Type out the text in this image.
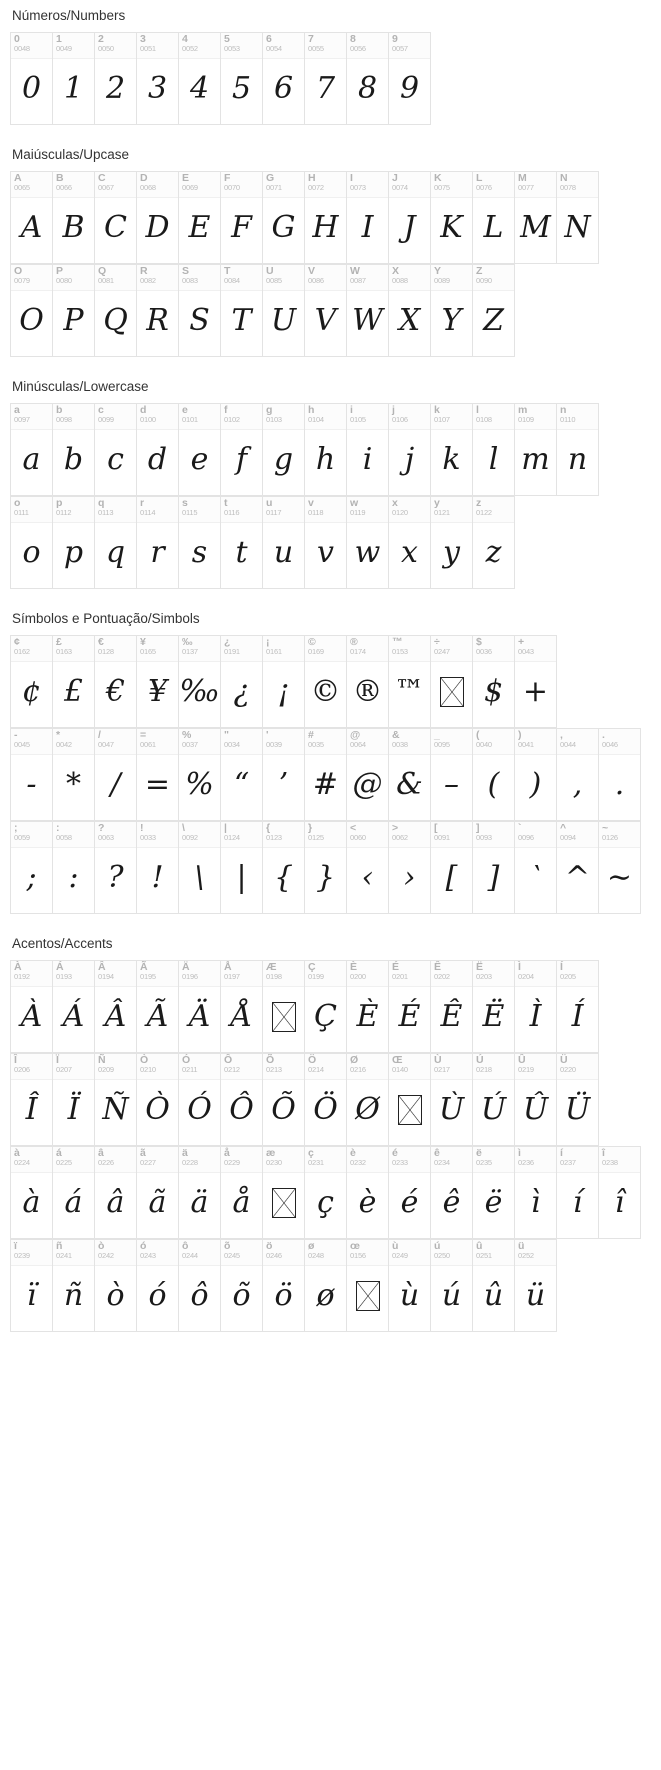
Números/Numbers
0
0048
0
1
0049
1
2
0050
2
3
0051
3
4
0052
4
5
0053
5
6
0054
6
7
0055
7
8
0056
8
9
0057
9
Maiúsculas/Upcase
A
0065
A
B
0066
B
C
0067
C
D
0068
D
E
0069
E
F
0070
F
G
0071
G
H
0072
H
I
0073
I
J
0074
J
K
0075
K
L
0076
L
M
0077
M
N
0078
N
O
0079
O
P
0080
P
Q
0081
Q
R
0082
R
S
0083
S
T
0084
T
U
0085
U
V
0086
V
W
0087
W
X
0088
X
Y
0089
Y
Z
0090
Z
Minúsculas/Lowercase
a
0097
a
b
0098
b
c
0099
c
d
0100
d
e
0101
e
f
0102
f
g
0103
g
h
0104
h
i
0105
i
j
0106
j
k
0107
k
l
0108
l
m
0109
m
n
0110
n
o
0111
o
p
0112
p
q
0113
q
r
0114
r
s
0115
s
t
0116
t
u
0117
u
v
0118
v
w
0119
w
x
0120
x
y
0121
y
z
0122
z
Símbolos e Pontuação/Simbols
¢
0162
¢
£
0163
£
€
0128
€
¥
0165
¥
‰
0137
‰
¿
0191
¿
¡
0161
¡
©
0169
©
®
0174
®
™
0153
™
÷
0247
$
0036
$
+
0043
+
-
0045
-
*
0042
*
/
0047
/
=
0061
=
%
0037
%
"
0034
“
'
0039
’
#
0035
#
@
0064
@
&
0038
&
_
0095
–
(
0040
(
)
0041
)
,
0044
,
.
0046
.
;
0059
;
:
0058
:
?
0063
?
!
0033
!
\
0092
\
|
0124
|
{
0123
{
}
0125
}
<
0060
‹
>
0062
›
[
0091
[
]
0093
]
`
0096
‵
^
0094
^
~
0126
∼
Acentos/Accents
À
0192
À
Á
0193
Á
Â
0194
Â
Ã
0195
Ã
Ä
0196
Ä
Å
0197
Å
Æ
0198
Ç
0199
Ç
È
0200
È
É
0201
É
Ê
0202
Ê
Ë
0203
Ë
Ì
0204
Ì
Í
0205
Í
Î
0206
Î
Ï
0207
Ï
Ñ
0209
Ñ
Ò
0210
Ò
Ó
0211
Ó
Ô
0212
Ô
Õ
0213
Õ
Ö
0214
Ö
Ø
0216
Ø
Œ
0140
Ù
0217
Ù
Ú
0218
Ú
Û
0219
Û
Ü
0220
Ü
à
0224
à
á
0225
á
â
0226
â
ã
0227
ã
ä
0228
ä
å
0229
å
æ
0230
ç
0231
ç
è
0232
è
é
0233
é
ê
0234
ê
ë
0235
ë
ì
0236
ì
í
0237
í
î
0238
î
ï
0239
ï
ñ
0241
ñ
ò
0242
ò
ó
0243
ó
ô
0244
ô
õ
0245
õ
ö
0246
ö
ø
0248
ø
œ
0156
ù
0249
ù
ú
0250
ú
û
0251
û
ü
0252
ü
